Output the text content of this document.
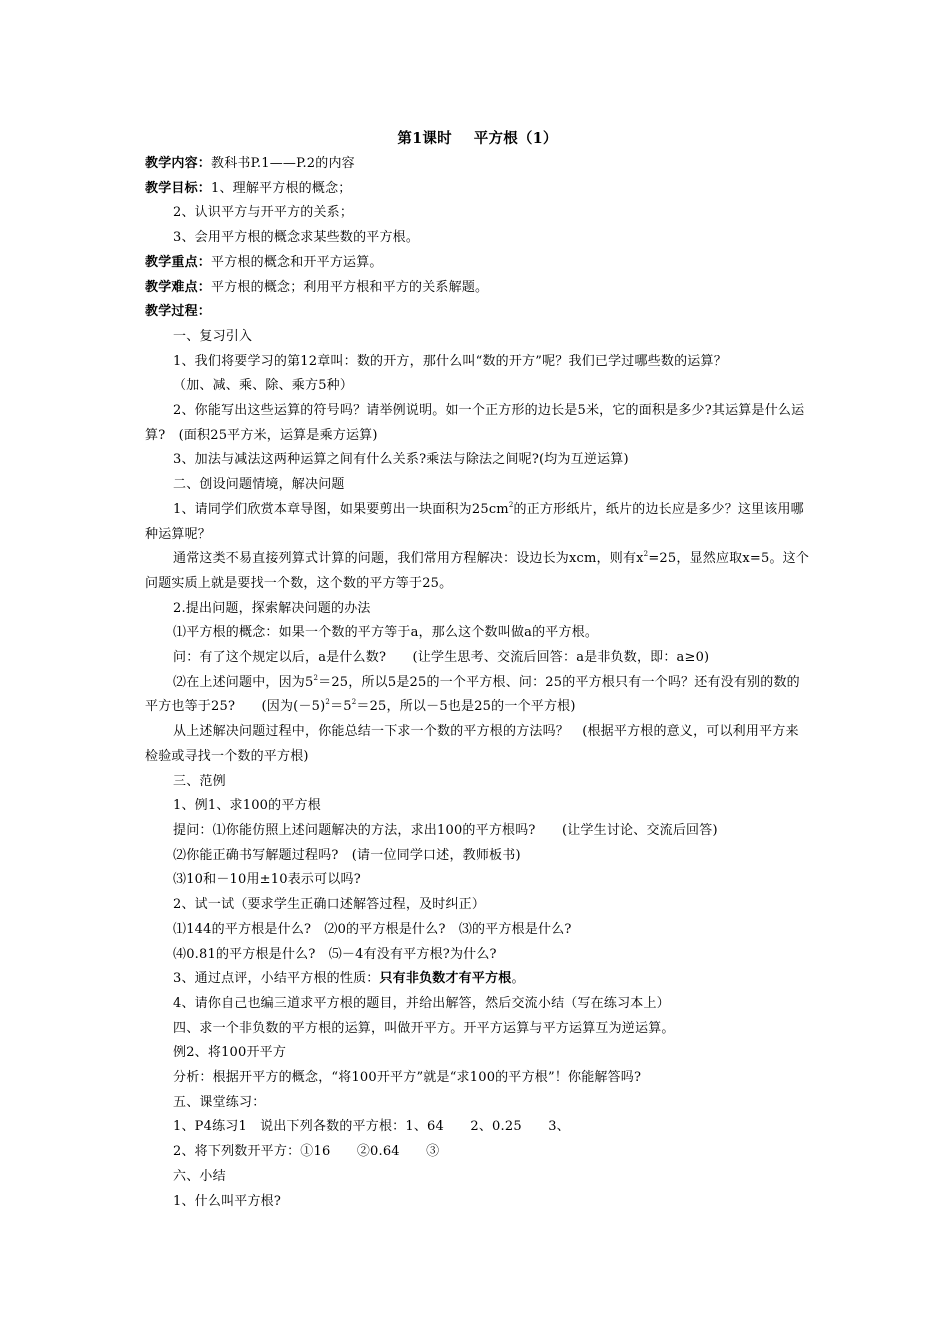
第1课时 平方根（1）

教学内容：教科书P.1——P.2的内容

教学目标：1、理解平方根的概念；

2、认识平方与开平方的关系；

3、会用平方根的概念求某些数的平方根。

教学重点：平方根的概念和开平方运算。

教学难点：平方根的概念；利用平方根和平方的关系解题。

教学过程：

一、复习引入

1、我们将要学习的第12章叫：数的开方，那什么叫“数的开方”呢？我们已学过哪些数的运算？

（加、减、乘、除、乘方5种）

2、你能写出这些运算的符号吗？请举例说明。如一个正方形的边长是5米，它的面积是多少?其运算是什么运算?　(面积25平方米，运算是乘方运算)

3、加法与减法这两种运算之间有什么关系?乘法与除法之间呢?(均为互逆运算)

二、创设问题情境，解决问题

1、请同学们欣赏本章导图，如果要剪出一块面积为$25cm^2$的正方形纸片，纸片的边长应是多少？这里该用哪种运算呢？

通常这类不易直接列算式计算的问题，我们常用方程解决：设边长为xcm，则有$x^2=25$，显然应取x=5。这个问题实质上就是要找一个数，这个数的平方等于25。

2.提出问题，探索解决问题的办法

⑴平方根的概念：如果一个数的平方等于a，那么这个数叫做a的平方根。

问：有了这个规定以后，a是什么数?　　(让学生思考、交流后回答：a是非负数，即：a≥0)

⑵在上述问题中，因为$5^2=25$，所以5是25的一个平方根、问：25的平方根只有一个吗？还有没有别的数的平方也等于25?　　(因为$(-5)^2=5^2=25$，所以－5也是25的一个平方根)

从上述解决问题过程中，你能总结一下求一个数的平方根的方法吗？　(根据平方根的意义，可以利用平方来检验或寻找一个数的平方根)

三、范例

1、例1、求100的平方根

提问：⑴你能仿照上述问题解决的方法，求出100的平方根吗?　　(让学生讨论、交流后回答)

⑵你能正确书写解题过程吗?　(请一位同学口述，教师板书)

⑶10和－10用±10表示可以吗?

2、试一试（要求学生正确口述解答过程，及时纠正）

⑴144的平方根是什么?　⑵0的平方根是什么?　⑶的平方根是什么?

⑷0.81的平方根是什么?　⑸－4有没有平方根?为什么?

3、通过点评，小结平方根的性质：只有非负数才有平方根。

4、请你自己也编三道求平方根的题目，并给出解答，然后交流小结（写在练习本上）

四、求一个非负数的平方根的运算，叫做开平方。开平方运算与平方运算互为逆运算。

例2、将100开平方

分析：根据开平方的概念，“将100开平方”就是“求100的平方根”！你能解答吗?

五、课堂练习：

1、P4练习1　说出下列各数的平方根：1、64　　2、0.25　　3、

2、将下列数开平方：①16　　②0.64　　③

六、小结

1、什么叫平方根?
